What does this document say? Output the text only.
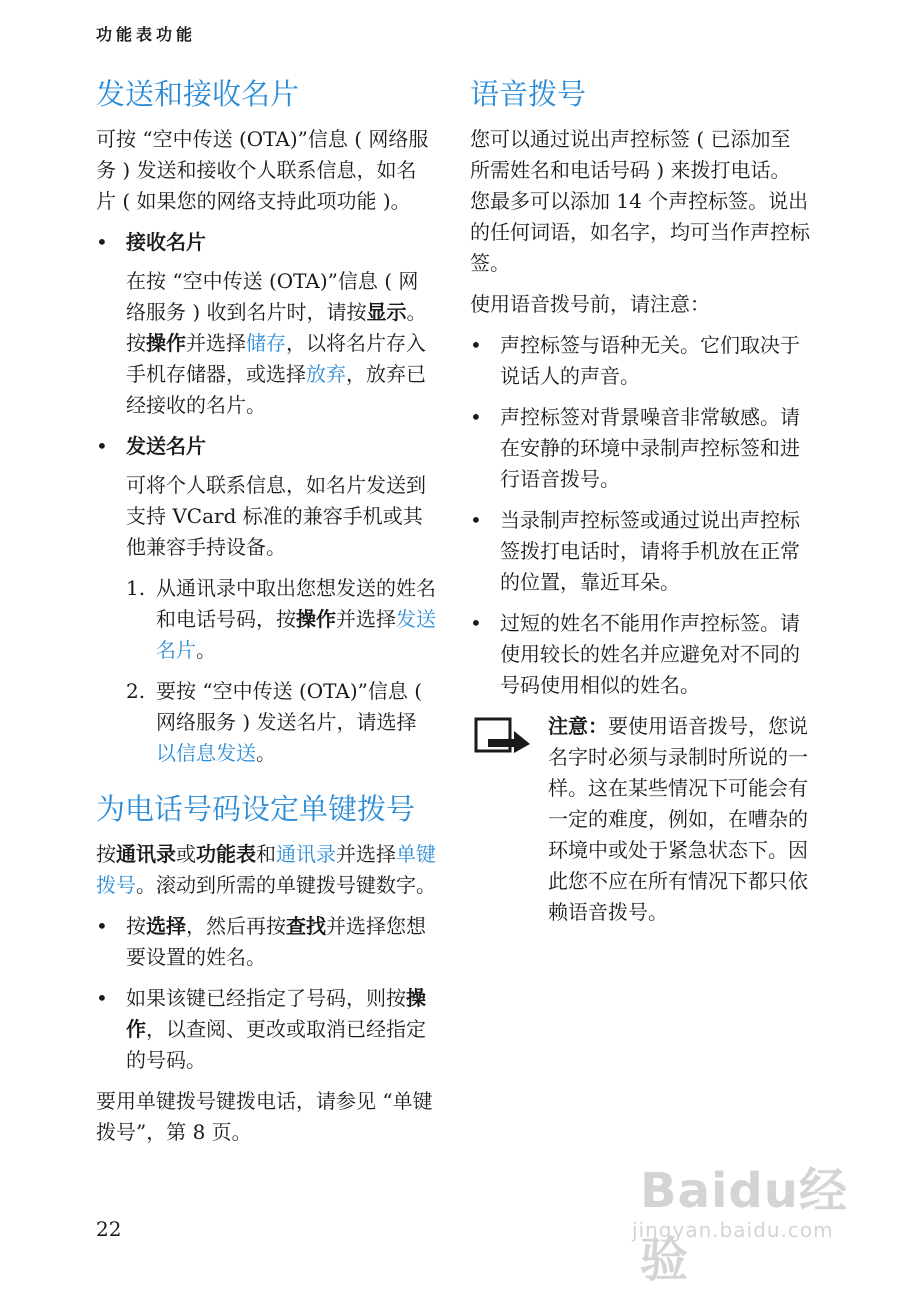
功能表功能
发送和接收名片

可按 “空中传送 (OTA)”信息 ( 网络服务 ) 发送和接收个人联系信息，如名片 ( 如果您的网络支持此项功能 )。

• 接收名片

在按 “空中传送 (OTA)”信息 ( 网络服务 ) 收到名片时，请按显示。按操作并选择储存，以将名片存入手机存储器，或选择放弃，放弃已经接收的名片。

• 发送名片

可将个人联系信息，如名片发送到支持 VCard 标准的兼容手机或其他兼容手持设备。

1. 从通讯录中取出您想发送的姓名和电话号码，按操作并选择发送名片。

2. 要按 “空中传送 (OTA)”信息 ( 网络服务 ) 发送名片，请选择以信息发送。

为电话号码设定单键拨号

按通讯录或功能表和通讯录并选择单键拨号。滚动到所需的单键拨号键数字。

• 按选择，然后再按查找并选择您想要设置的姓名。

• 如果该键已经指定了号码，则按操作，以查阅、更改或取消已经指定的号码。

要用单键拨号键拨电话，请参见 “单键拨号”，第 8 页。

语音拨号

您可以通过说出声控标签 ( 已添加至所需姓名和电话号码 ) 来拨打电话。您最多可以添加 14 个声控标签。说出的任何词语，如名字，均可当作声控标签。

使用语音拨号前，请注意：

• 声控标签与语种无关。它们取决于说话人的声音。

• 声控标签对背景噪音非常敏感。请在安静的环境中录制声控标签和进行语音拨号。

• 当录制声控标签或通过说出声控标签拨打电话时，请将手机放在正常的位置，靠近耳朵。

• 过短的姓名不能用作声控标签。请使用较长的姓名并应避免对不同的号码使用相似的姓名。

注意：要使用语音拨号，您说名字时必须与录制时所说的一样。这在某些情况下可能会有一定的难度，例如，在嘈杂的环境中或处于紧急状态下。因此您不应在所有情况下都只依赖语音拨号。

22
Baidu经验
jingyan.baidu.com
